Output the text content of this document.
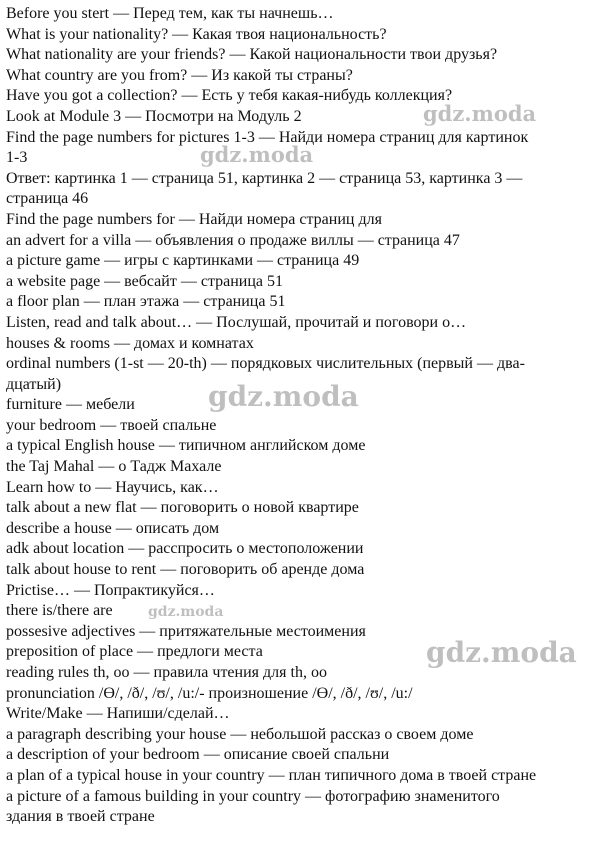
Before you stert — Перед тем, как ты начнешь…
What is your nationality? — Какая твоя национальность?
What nationality are your friends? — Какой национальности твои друзья?
What country are you from? — Из какой ты страны?
Have you got a collection? — Есть у тебя какая-нибудь коллекция?
Look at Module 3 — Посмотри на Модуль 2
Find the page numbers for pictures 1-3 — Найди номера страниц для картинок
1-3
Ответ: картинка 1 — страница 51, картинка 2 — страница 53, картинка 3 —
страница 46
Find the page numbers for — Найди номера страниц для
an advert for a villa — объявления о продаже виллы — страница 47
a picture game — игры с картинками — страница 49
a website page — вебсайт — страница 51
a floor plan — план этажа — страница 51
Listen, read and talk about… — Послушай, прочитай и поговори о…
houses & rooms — домах и комнатах
ordinal numbers (1-st — 20-th) — порядковых числительных (первый — два-
дцатый)
furniture — мебели
your bedroom — твоей спальне
a typical English house — типичном английском доме
the Taj Mahal — о Тадж Махале
Learn how to — Научись, как…
talk about a new flat — поговорить о новой квартире
describe a house — описать дом
adk about location — расспросить о местоположении
talk about house to rent — поговорить об аренде дома
Prictise… — Попрактикуйся…
there is/there are
possesive adjectives — притяжательные местоимения
preposition of place — предлоги места
reading rules th, oo — правила чтения для th, oo
pronunciation /Ɵ/, /ð/, /ʊ/, /u:/- произношение /Ɵ/, /ð/, /ʊ/, /u:/
Write/Make — Напиши/сделай…
a paragraph describing your house — небольшой рассказ о своем доме
a description of your bedroom — описание своей спальни
a plan of a typical house in your country — план типичного дома в твоей стране
a picture of a famous building in your country — фотографию знаменитого
здания в твоей стране
gdz.moda
gdz.moda
gdz.moda
gdz.moda
gdz.moda
